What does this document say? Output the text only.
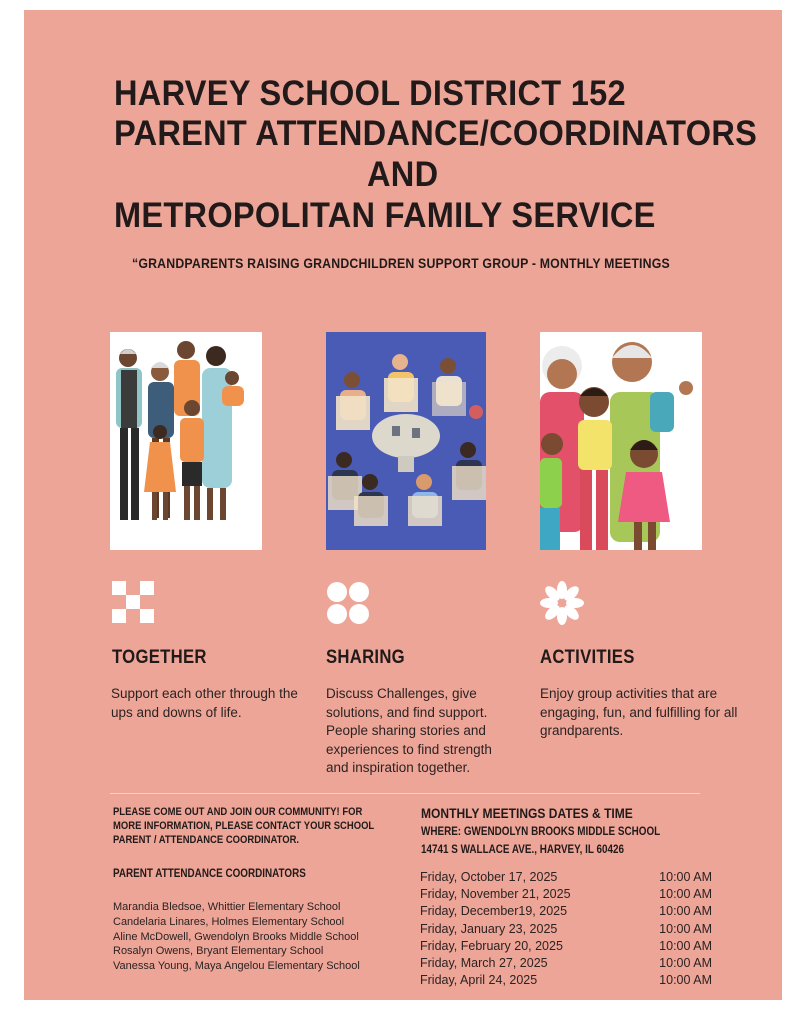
HARVEY SCHOOL DISTRICT 152
PARENT ATTENDANCE/COORDINATORS
AND
METROPOLITAN FAMILY SERVICE
“GRANDPARENTS RAISING GRANDCHILDREN SUPPORT GROUP - MONTHLY MEETINGS
TOGETHER	SHARING	ACTIVITIES
Support each other through the ups and downs of life.
Discuss Challenges, give solutions, and find support. People sharing stories and experiences to find strength and inspiration together.
Enjoy group activities that are engaging, fun, and fulfilling for all grandparents.
PLEASE COME OUT AND JOIN OUR COMMUNITY! FOR MORE INFORMATION, PLEASE CONTACT YOUR SCHOOL PARENT / ATTENDANCE COORDINATOR.
PARENT ATTENDANCE COORDINATORS
Marandia Bledsoe, Whittier Elementary School
Candelaria Linares, Holmes Elementary School
Aline McDowell, Gwendolyn Brooks Middle School
Rosalyn Owens, Bryant Elementary School
Vanessa Young, Maya Angelou Elementary School
MONTHLY MEETINGS DATES & TIME
WHERE: GWENDOLYN BROOKS MIDDLE SCHOOL
14741 S WALLACE AVE., HARVEY, IL 60426
Friday, October 17, 2025	10:00 AM
Friday, November 21, 2025	10:00 AM
Friday, December19, 2025	10:00 AM
Friday, January 23, 2025	10:00 AM
Friday, February 20, 2025	10:00 AM
Friday, March 27, 2025	10:00 AM
Friday, April 24, 2025	10:00 AM
